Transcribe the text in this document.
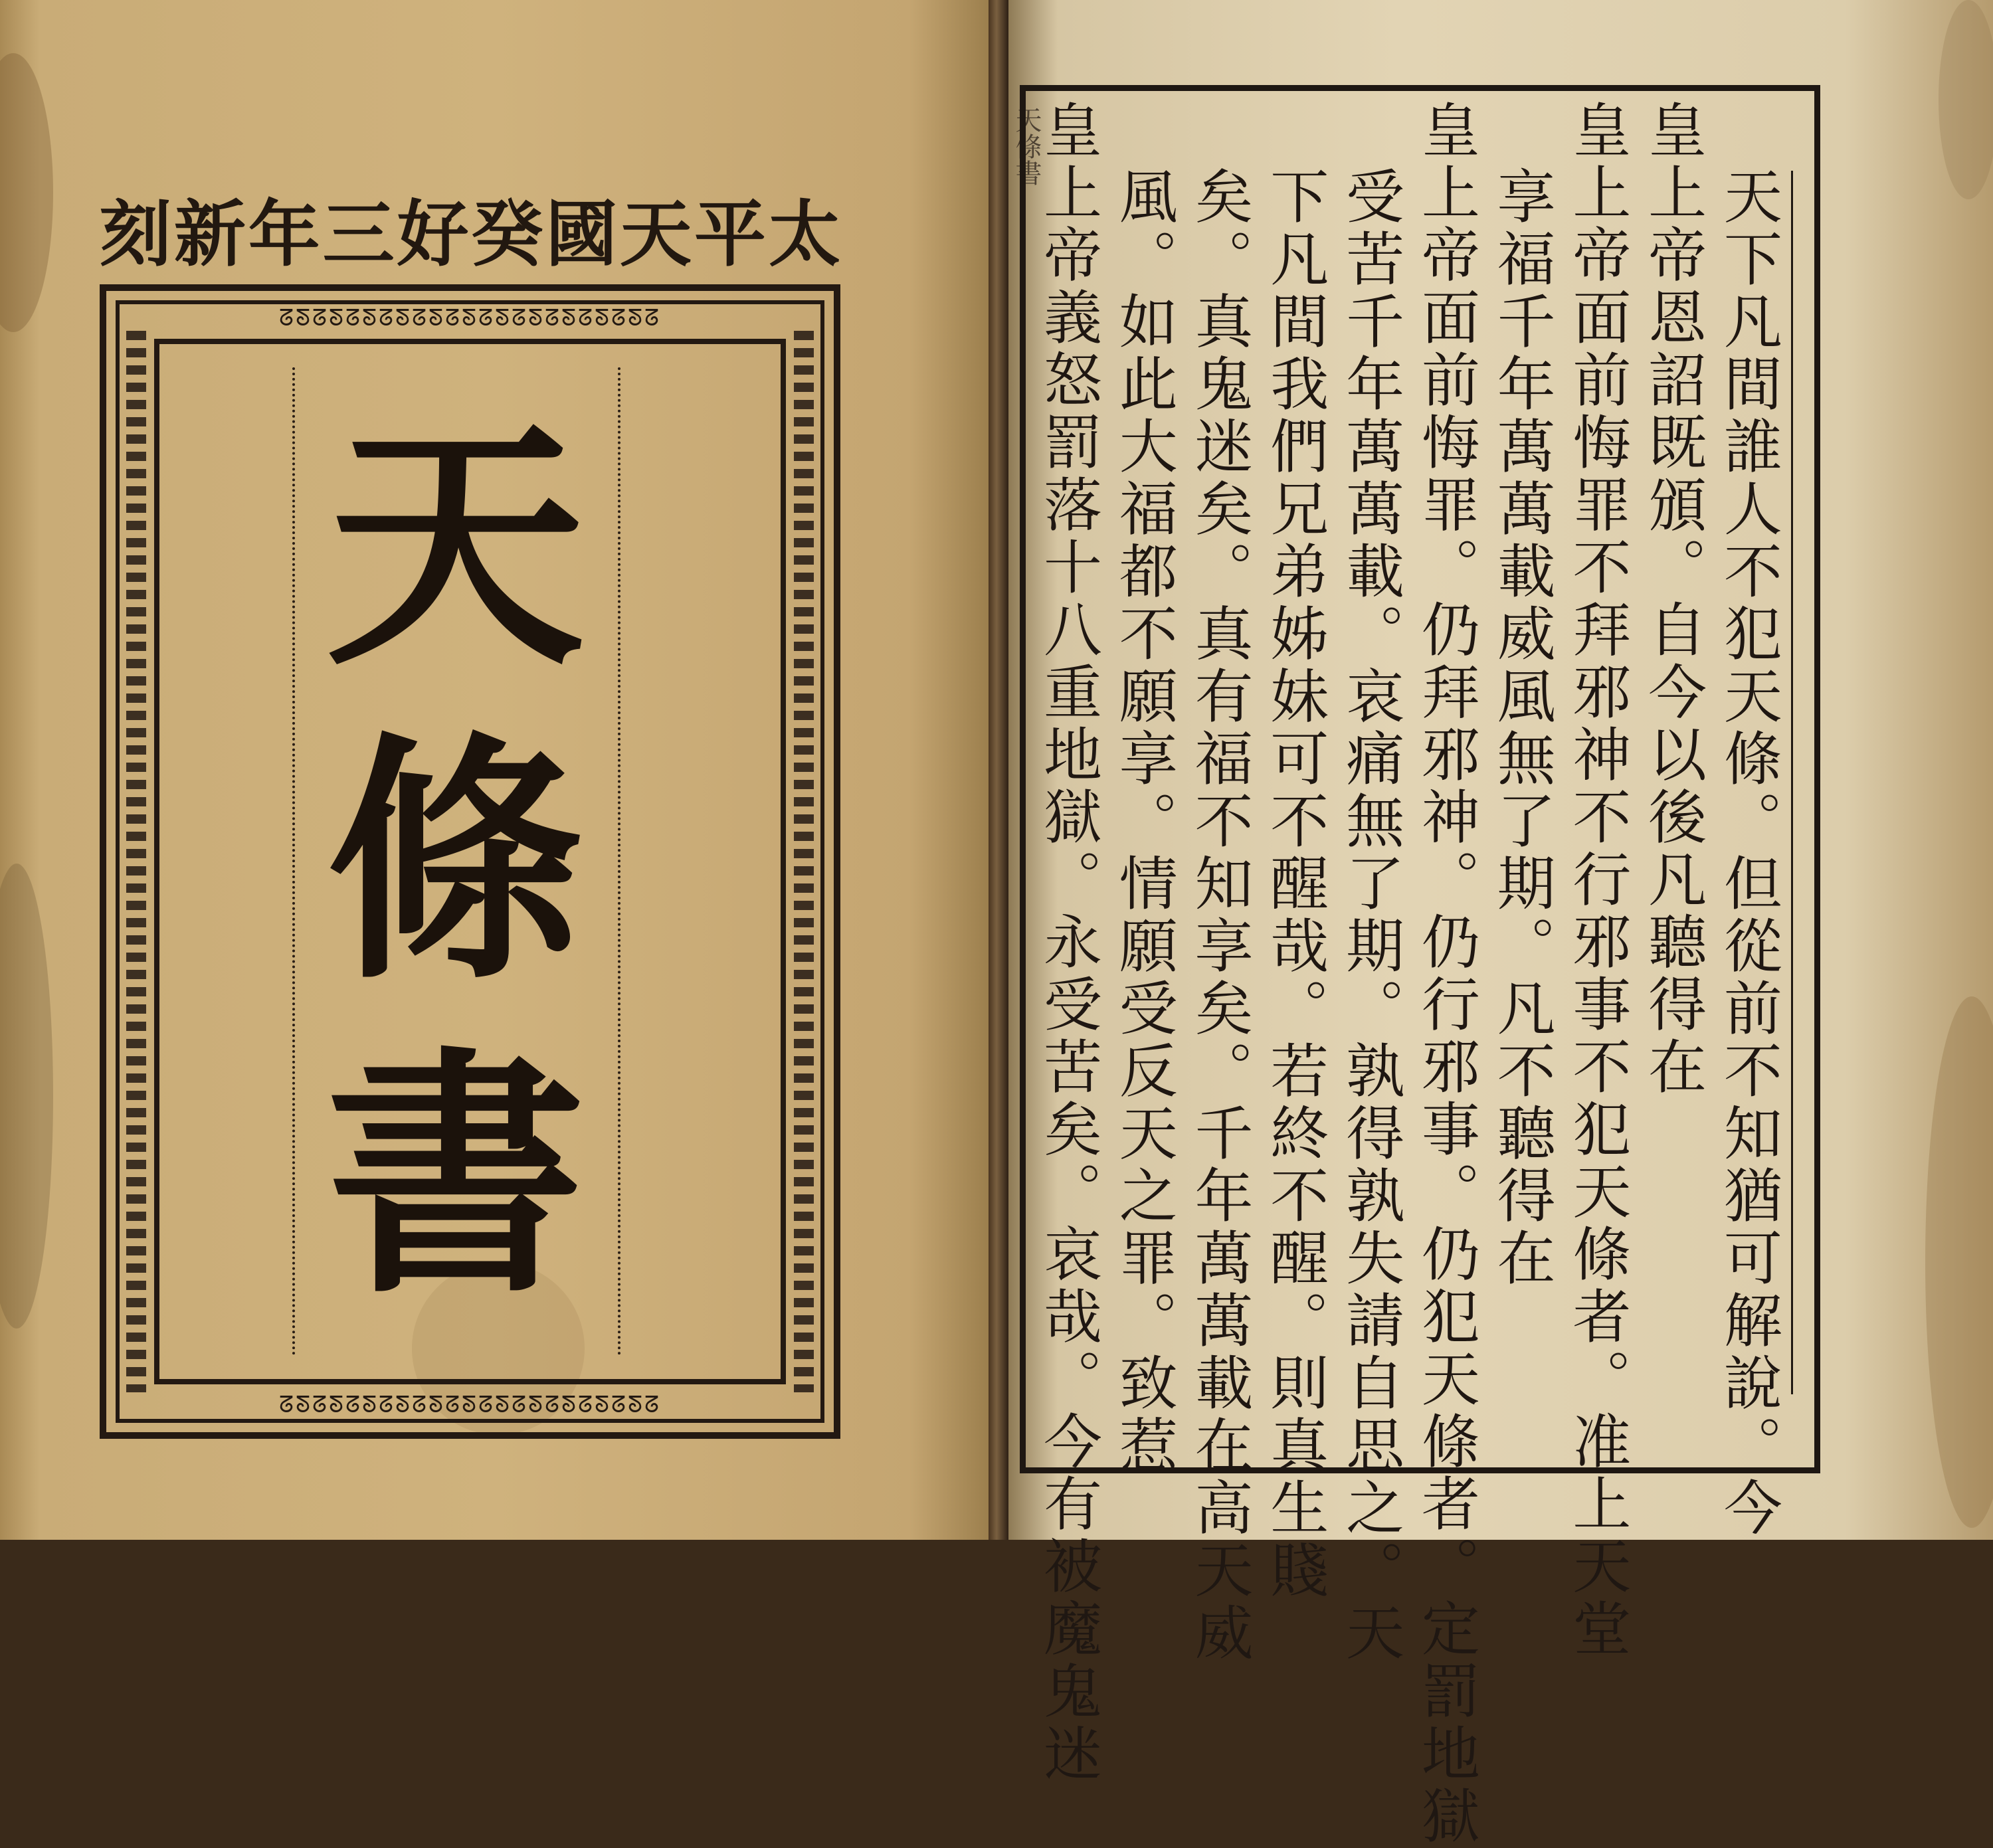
太
平
天
國
癸
好
三
年
新
刻
ᘔᘕᘔᘕᘔᘕᘔᘕᘔᘕᘔᘕᘔᘕᘔᘕᘔᘕᘔᘕᘔᘕᘔ
ᘔᘕᘔᘕᘔᘕᘔᘕᘔᘕᘔᘕᘔᘕᘔᘕᘔᘕᘔᘕᘔᘕᘔ
天
條
書
天條書
天下凡間誰人不犯天條。但從前不知猶可解說。今
皇上帝恩詔既頒。自今以後凡聽得在
皇上帝面前悔罪不拜邪神不行邪事不犯天條者。准上天堂
享福千年萬萬載威風無了期。凡不聽得在
皇上帝面前悔罪。仍拜邪神。仍行邪事。仍犯天條者。定罰地獄
受苦千年萬萬載。哀痛無了期。孰得孰失請自思之。天
下凡間我們兄弟姊妹可不醒哉。若終不醒。則真生賤
矣。真鬼迷矣。真有福不知享矣。千年萬萬載在高天威
風。如此大福都不願享。情願受反天之罪。致惹
皇上帝義怒罰落十八重地獄。永受苦矣。哀哉。今有被魔鬼迷
